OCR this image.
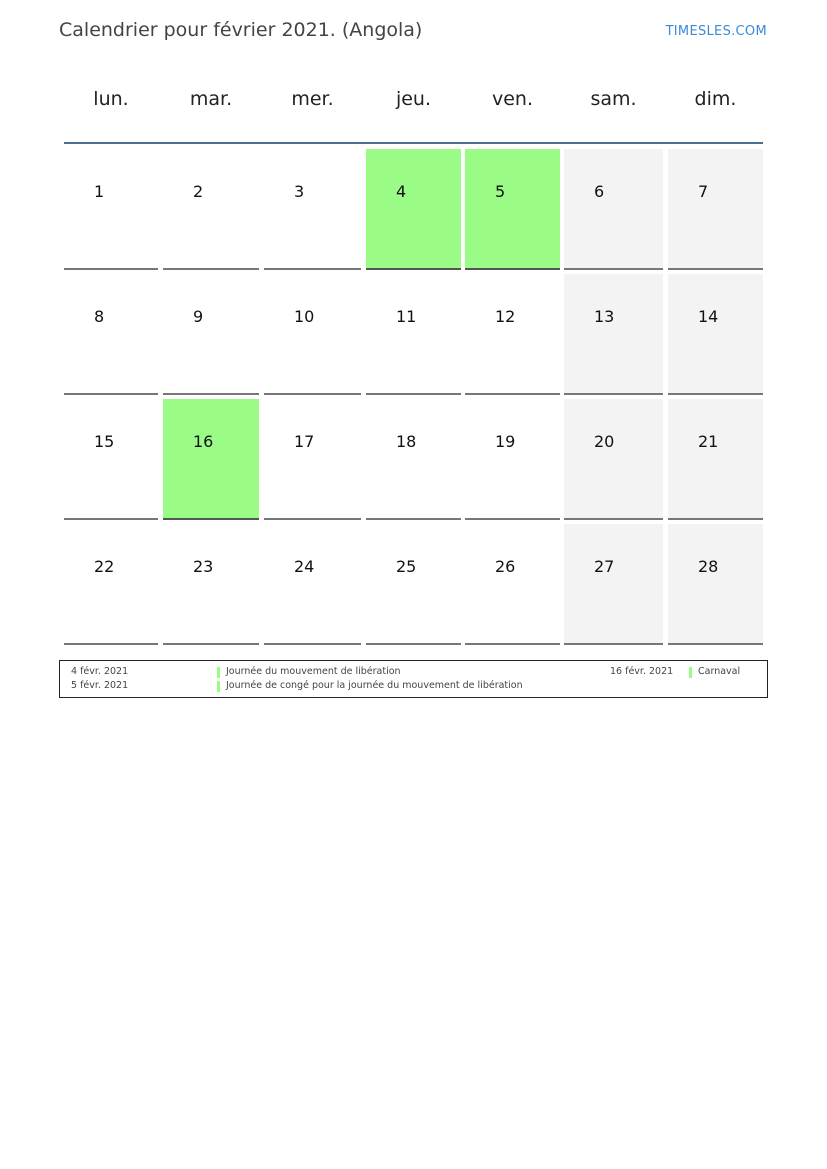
Calendrier pour février 2021. (Angola)	TIMESLES.COM
lun.	mar.	mer.	jeu.	ven.	sam.	dim.
1	2	3	4	5	6	7
8	9	10	11	12	13	14
15	16	17	18	19	20	21
22	23	24	25	26	27	28
4 févr. 2021	Journée du mouvement de libération
5 févr. 2021	Journée de congé pour la journée du mouvement de libération
16 févr. 2021	Carnaval
